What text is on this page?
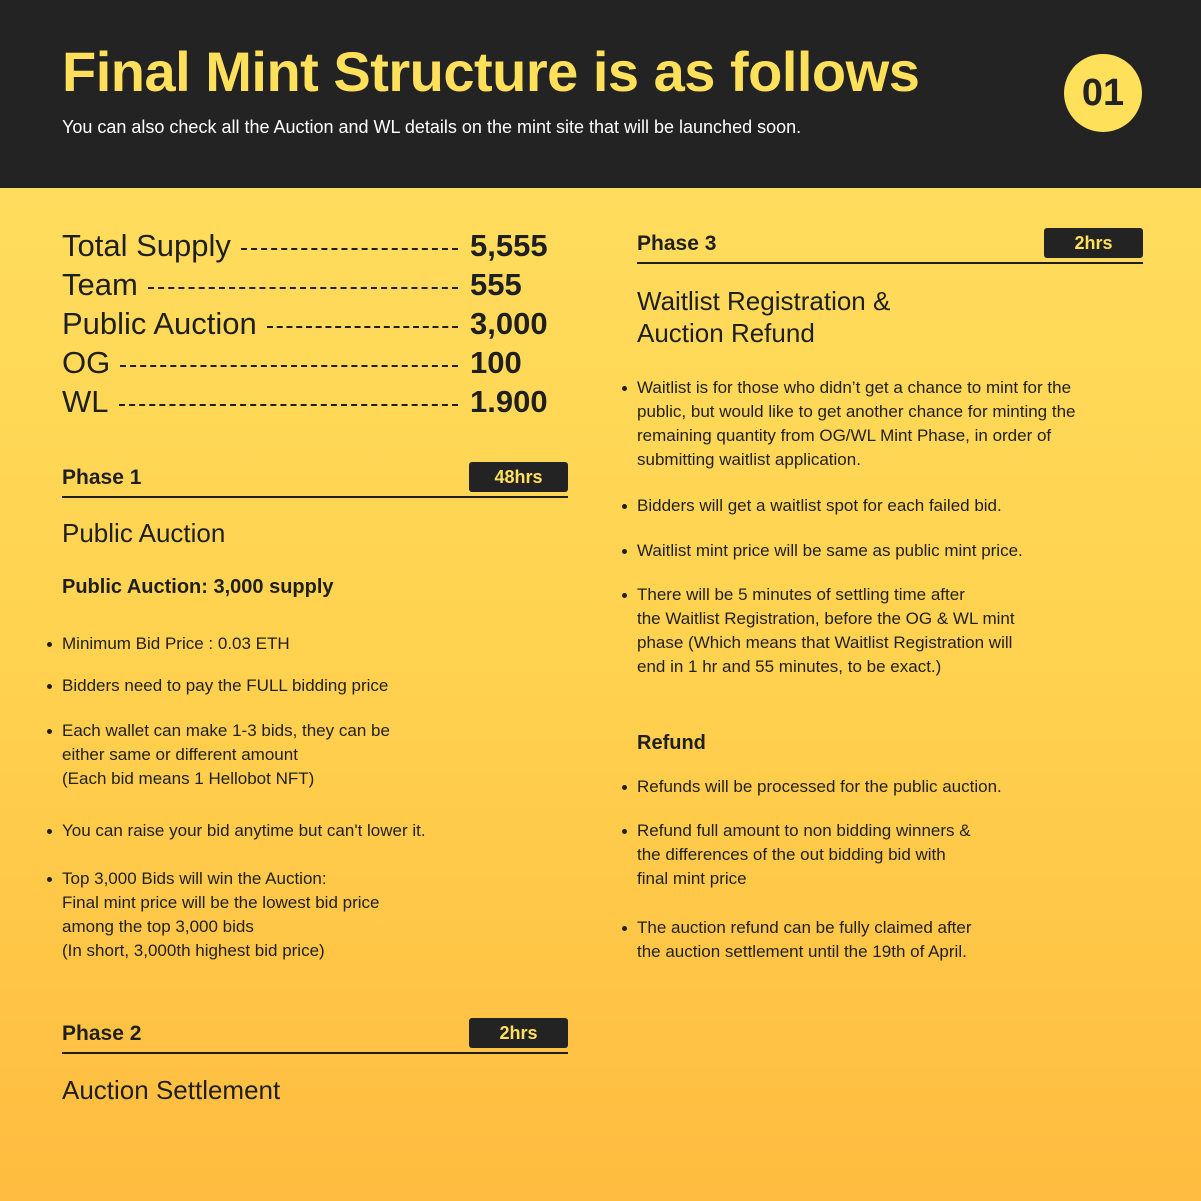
Final Mint Structure is as follows
You can also check all the Auction and WL details on the mint site that will be launched soon.
01
Total Supply	5,555
Team	555
Public Auction	3,000
OG	100
WL	1.900
Phase 1	48hrs
Public Auction
Public Auction: 3,000 supply
Minimum Bid Price : 0.03 ETH
Bidders need to pay the FULL bidding price
Each wallet can make 1-3 bids, they can be
either same or different amount
(Each bid means 1 Hellobot NFT)
You can raise your bid anytime but can't lower it.
Top 3,000 Bids will win the Auction:
Final mint price will be the lowest bid price
among the top 3,000 bids
(In short, 3,000th highest bid price)
Phase 2	2hrs
Auction Settlement
Phase 3	2hrs
Waitlist Registration &
Auction Refund
Waitlist is for those who didn’t get a chance to mint for the
public, but would like to get another chance for minting the
remaining quantity from OG/WL Mint Phase, in order of
submitting waitlist application.
Bidders will get a waitlist spot for each failed bid.
Waitlist mint price will be same as public mint price.
There will be 5 minutes of settling time after
the Waitlist Registration, before the OG & WL mint
phase (Which means that Waitlist Registration will
end in 1 hr and 55 minutes, to be exact.)
Refund
Refunds will be processed for the public auction.
Refund full amount to non bidding winners &
the differences of the out bidding bid with
final mint price
The auction refund can be fully claimed after
the auction settlement until the 19th of April.
